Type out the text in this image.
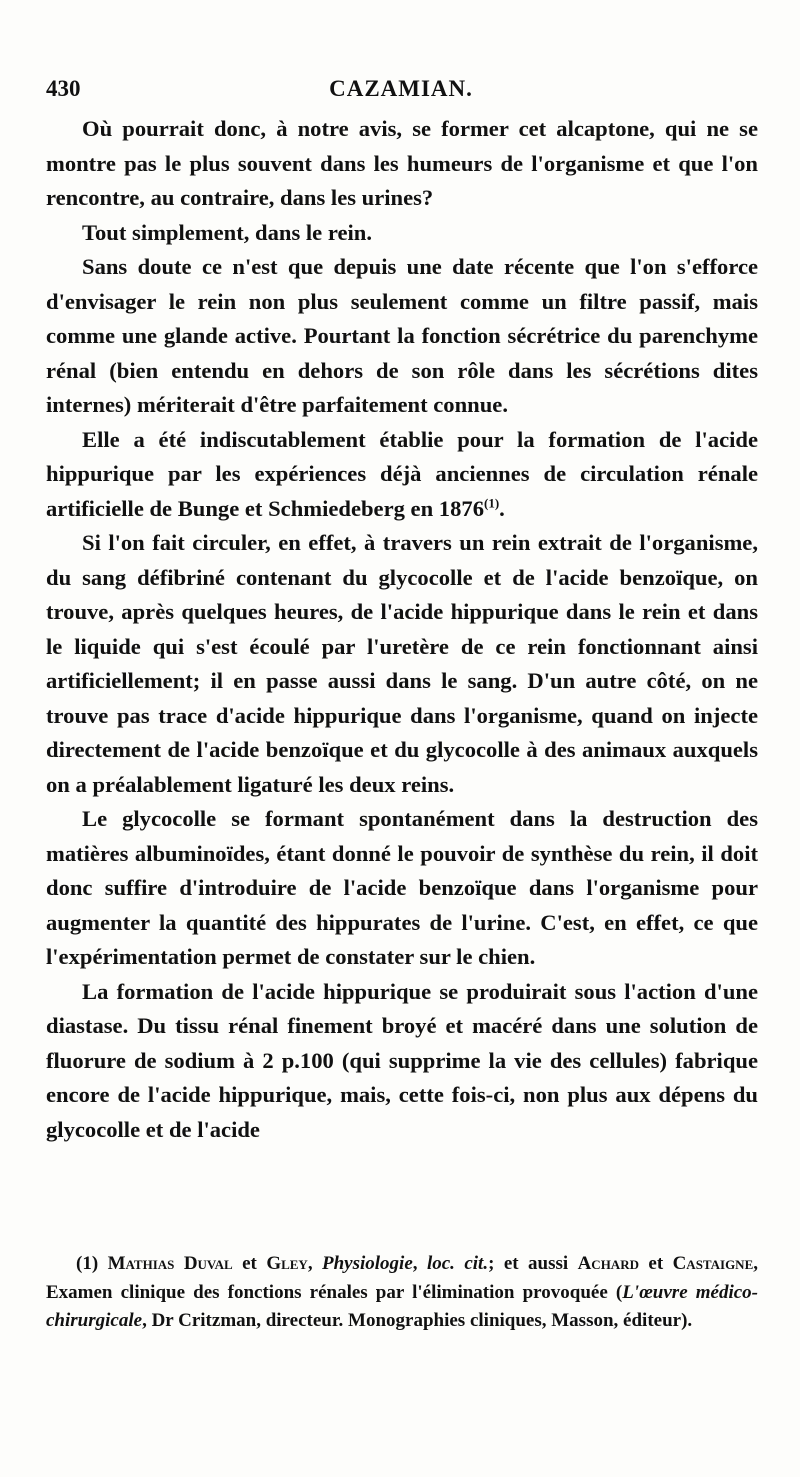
430	CAZAMIAN.

Où pourrait donc, à notre avis, se former cet alcaptone, qui ne se montre pas le plus souvent dans les humeurs de l'organisme et que l'on rencontre, au contraire, dans les urines?

Tout simplement, dans le rein.

Sans doute ce n'est que depuis une date récente que l'on s'efforce d'envisager le rein non plus seulement comme un filtre passif, mais comme une glande active. Pourtant la fonction sécrétrice du parenchyme rénal (bien entendu en dehors de son rôle dans les sécrétions dites internes) mériterait d'être parfaitement connue.

Elle a été indiscutablement établie pour la formation de l'acide hippurique par les expériences déjà anciennes de circulation rénale artificielle de Bunge et Schmiedeberg en 1876$^{(1)}$.

Si l'on fait circuler, en effet, à travers un rein extrait de l'organisme, du sang défibriné contenant du glycocolle et de l'acide benzoïque, on trouve, après quelques heures, de l'acide hippurique dans le rein et dans le liquide qui s'est écoulé par l'uretère de ce rein fonctionnant ainsi artificiellement; il en passe aussi dans le sang. D'un autre côté, on ne trouve pas trace d'acide hippurique dans l'organisme, quand on injecte directement de l'acide benzoïque et du glycocolle à des animaux auxquels on a préalablement ligaturé les deux reins.

Le glycocolle se formant spontanément dans la destruction des matières albuminoïdes, étant donné le pouvoir de synthèse du rein, il doit donc suffire d'introduire de l'acide benzoïque dans l'organisme pour augmenter la quantité des hippurates de l'urine. C'est, en effet, ce que l'expérimentation permet de constater sur le chien.

La formation de l'acide hippurique se produirait sous l'action d'une diastase. Du tissu rénal finement broyé et macéré dans une solution de fluorure de sodium à 2 p.100 (qui supprime la vie des cellules) fabrique encore de l'acide hippurique, mais, cette fois-ci, non plus aux dépens du glycocolle et de l'acide

(1) Mathias Duval et Gley, Physiologie, loc. cit.; et aussi Achard et Castaigne, Examen clinique des fonctions rénales par l'élimination provoquée (L'œuvre médico-chirurgicale, Dr Critzman, directeur. Monographies cliniques, Masson, éditeur).
